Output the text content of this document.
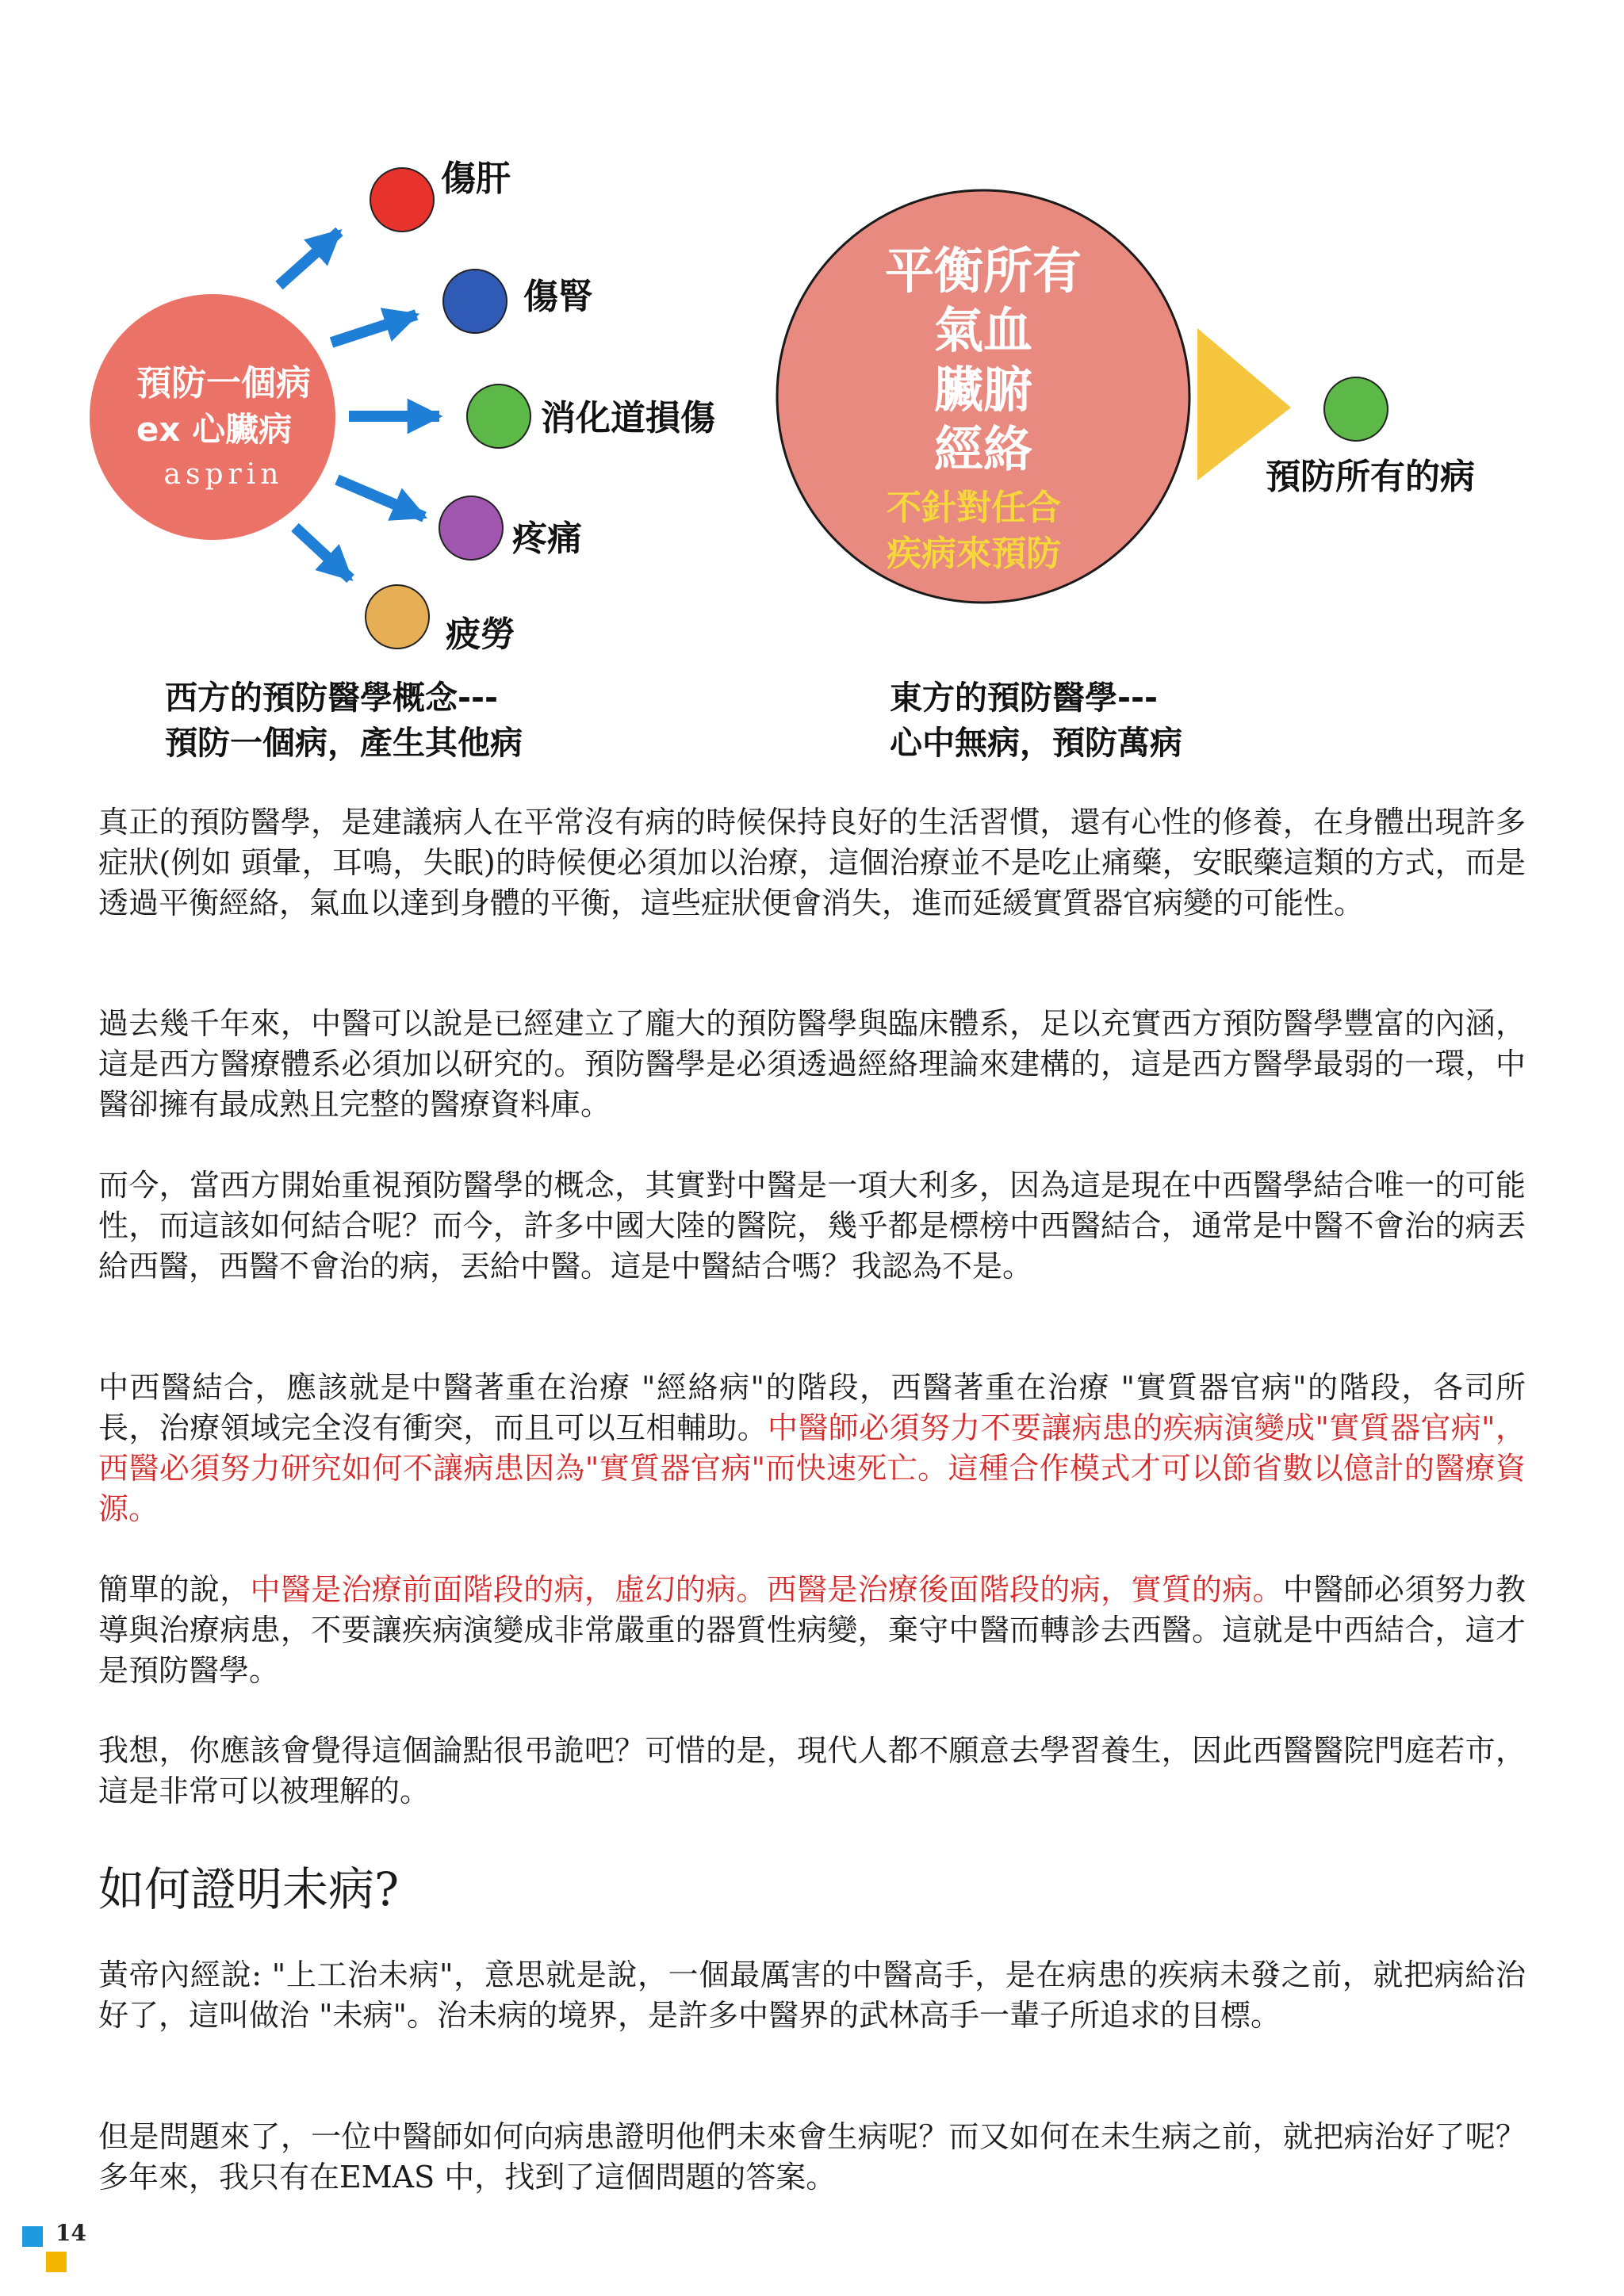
預防一個病
ex 心臟病
asprin
傷肝
傷腎
消化道損傷
疼痛
疲勞
平衡所有
氣血
臟腑
經絡
不針對任合
疾病來預防
預防所有的病
西方的預防醫學概念---
預防一個病，產生其他病
東方的預防醫學---
心中無病，預防萬病

真正的預防醫學，是建議病人在平常沒有病的時候保持良好的生活習慣，還有心性的修養，在身體出現許多症狀(例如 頭暈，耳鳴，失眠)的時候便必須加以治療，這個治療並不是吃止痛藥，安眠藥這類的方式，而是透過平衡經絡，氣血以達到身體的平衡，這些症狀便會消失，進而延緩實質器官病變的可能性。

過去幾千年來，中醫可以說是已經建立了龐大的預防醫學與臨床體系，足以充實西方預防醫學豐富的內涵，這是西方醫療體系必須加以研究的。預防醫學是必須透過經絡理論來建構的，這是西方醫學最弱的一環，中醫卻擁有最成熟且完整的醫療資料庫。

而今，當西方開始重視預防醫學的概念，其實對中醫是一項大利多，因為這是現在中西醫學結合唯一的可能性，而這該如何結合呢？而今，許多中國大陸的醫院，幾乎都是標榜中西醫結合，通常是中醫不會治的病丟給西醫，西醫不會治的病，丟給中醫。這是中醫結合嗎？我認為不是。

中西醫結合，應該就是中醫著重在治療 "經絡病"的階段，西醫著重在治療 "實質器官病"的階段，各司所長，治療領域完全沒有衝突，而且可以互相輔助。中醫師必須努力不要讓病患的疾病演變成"實質器官病"，西醫必須努力研究如何不讓病患因為"實質器官病"而快速死亡。這種合作模式才可以節省數以億計的醫療資源。

簡單的說，中醫是治療前面階段的病，虛幻的病。西醫是治療後面階段的病，實質的病。中醫師必須努力教導與治療病患，不要讓疾病演變成非常嚴重的器質性病變，棄守中醫而轉診去西醫。這就是中西結合，這才是預防醫學。

我想，你應該會覺得這個論點很弔詭吧？可惜的是，現代人都不願意去學習養生，因此西醫醫院門庭若市，這是非常可以被理解的。

如何證明未病?

黃帝內經說: "上工治未病"，意思就是說，一個最厲害的中醫高手，是在病患的疾病未發之前，就把病給治好了，這叫做治 "未病"。治未病的境界，是許多中醫界的武林高手一輩子所追求的目標。

但是問題來了，一位中醫師如何向病患證明他們未來會生病呢？而又如何在未生病之前，就把病治好了呢？多年來，我只有在EMAS 中，找到了這個問題的答案。

14
